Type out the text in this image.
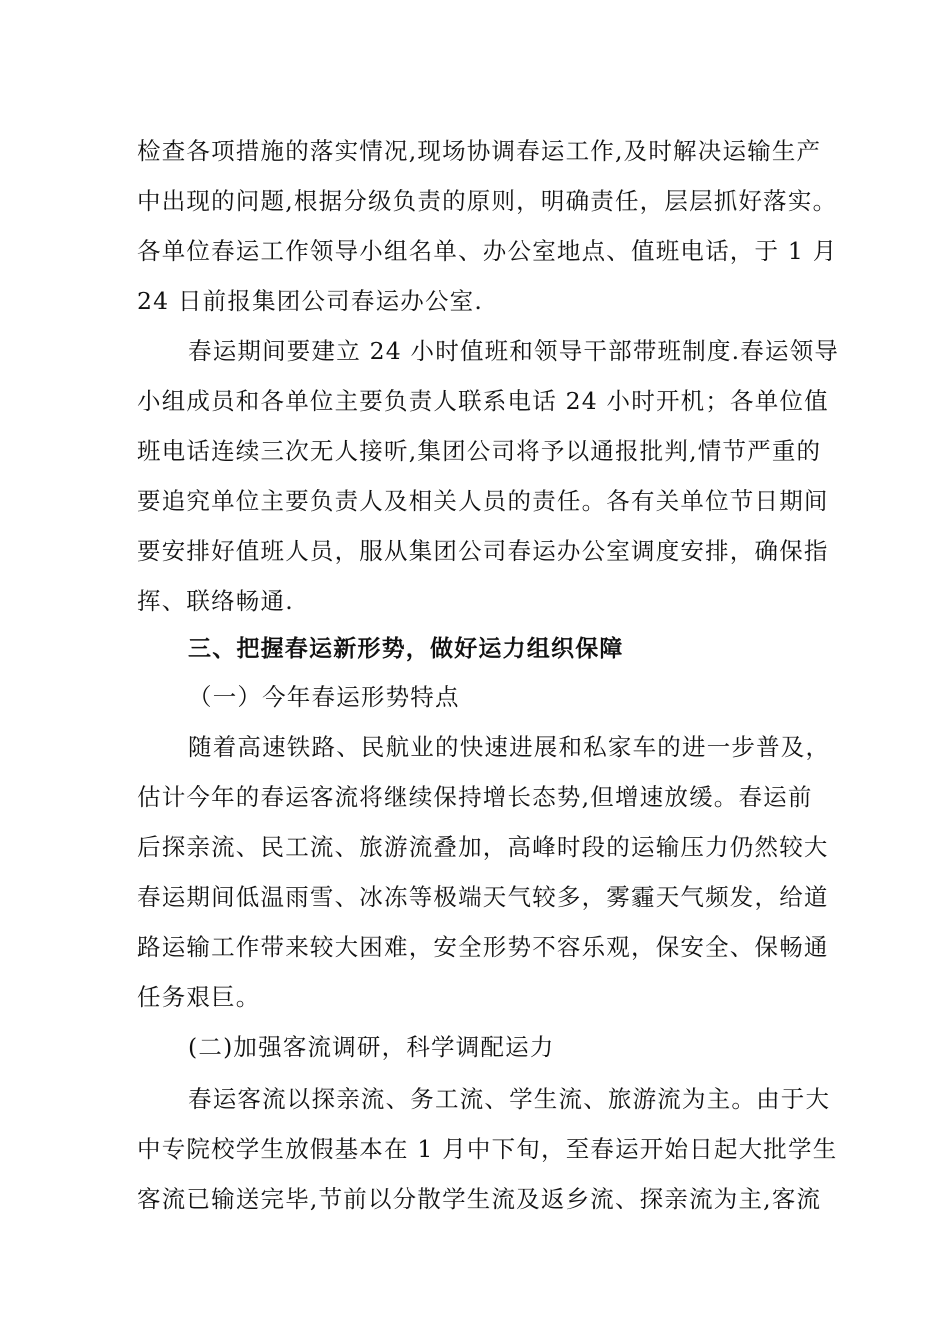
检查各项措施的落实情况,现场协调春运工作,及时解决运输生产
中出现的问题,根据分级负责的原则，明确责任，层层抓好落实。
各单位春运工作领导小组名单、办公室地点、值班电话，于 1 月
24 日前报集团公司春运办公室.
春运期间要建立 24 小时值班和领导干部带班制度.春运领导
小组成员和各单位主要负责人联系电话 24 小时开机；各单位值
班电话连续三次无人接听,集团公司将予以通报批判,情节严重的
要追究单位主要负责人及相关人员的责任。各有关单位节日期间
要安排好值班人员，服从集团公司春运办公室调度安排，确保指
挥、联络畅通.
三、把握春运新形势，做好运力组织保障
（一）今年春运形势特点
随着高速铁路、民航业的快速进展和私家车的进一步普及，
估计今年的春运客流将继续保持增长态势,但增速放缓。春运前
后探亲流、民工流、旅游流叠加，高峰时段的运输压力仍然较大
春运期间低温雨雪、冰冻等极端天气较多，雾霾天气频发，给道
路运输工作带来较大困难，安全形势不容乐观，保安全、保畅通
任务艰巨。
(二)加强客流调研，科学调配运力
春运客流以探亲流、务工流、学生流、旅游流为主。由于大
中专院校学生放假基本在 1 月中下旬，至春运开始日起大批学生
客流已输送完毕,节前以分散学生流及返乡流、探亲流为主,客流
